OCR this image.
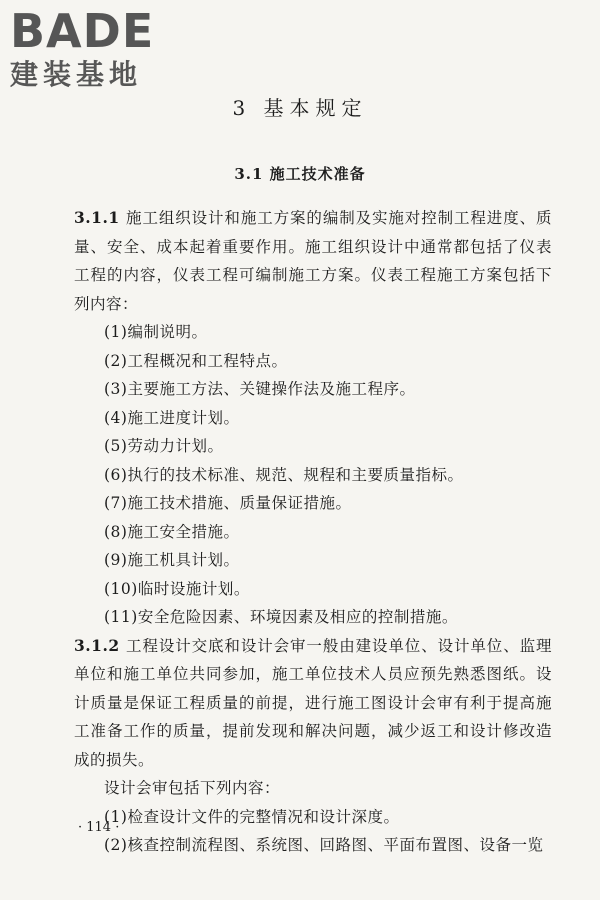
BADE
建装基地
3 基本规定
3.1 施工技术准备

3.1.1 施工组织设计和施工方案的编制及实施对控制工程进度、质量、安全、成本起着重要作用。施工组织设计中通常都包括了仪表工程的内容，仪表工程可编制施工方案。仪表工程施工方案包括下列内容：

(1)编制说明。

(2)工程概况和工程特点。

(3)主要施工方法、关键操作法及施工程序。

(4)施工进度计划。

(5)劳动力计划。

(6)执行的技术标准、规范、规程和主要质量指标。

(7)施工技术措施、质量保证措施。

(8)施工安全措施。

(9)施工机具计划。

(10)临时设施计划。

(11)安全危险因素、环境因素及相应的控制措施。

3.1.2 工程设计交底和设计会审一般由建设单位、设计单位、监理单位和施工单位共同参加，施工单位技术人员应预先熟悉图纸。设计质量是保证工程质量的前提，进行施工图设计会审有利于提高施工准备工作的质量，提前发现和解决问题，减少返工和设计修改造成的损失。

设计会审包括下列内容：

(1)检查设计文件的完整情况和设计深度。

(2)核查控制流程图、系统图、回路图、平面布置图、设备一览

· 114 ·
